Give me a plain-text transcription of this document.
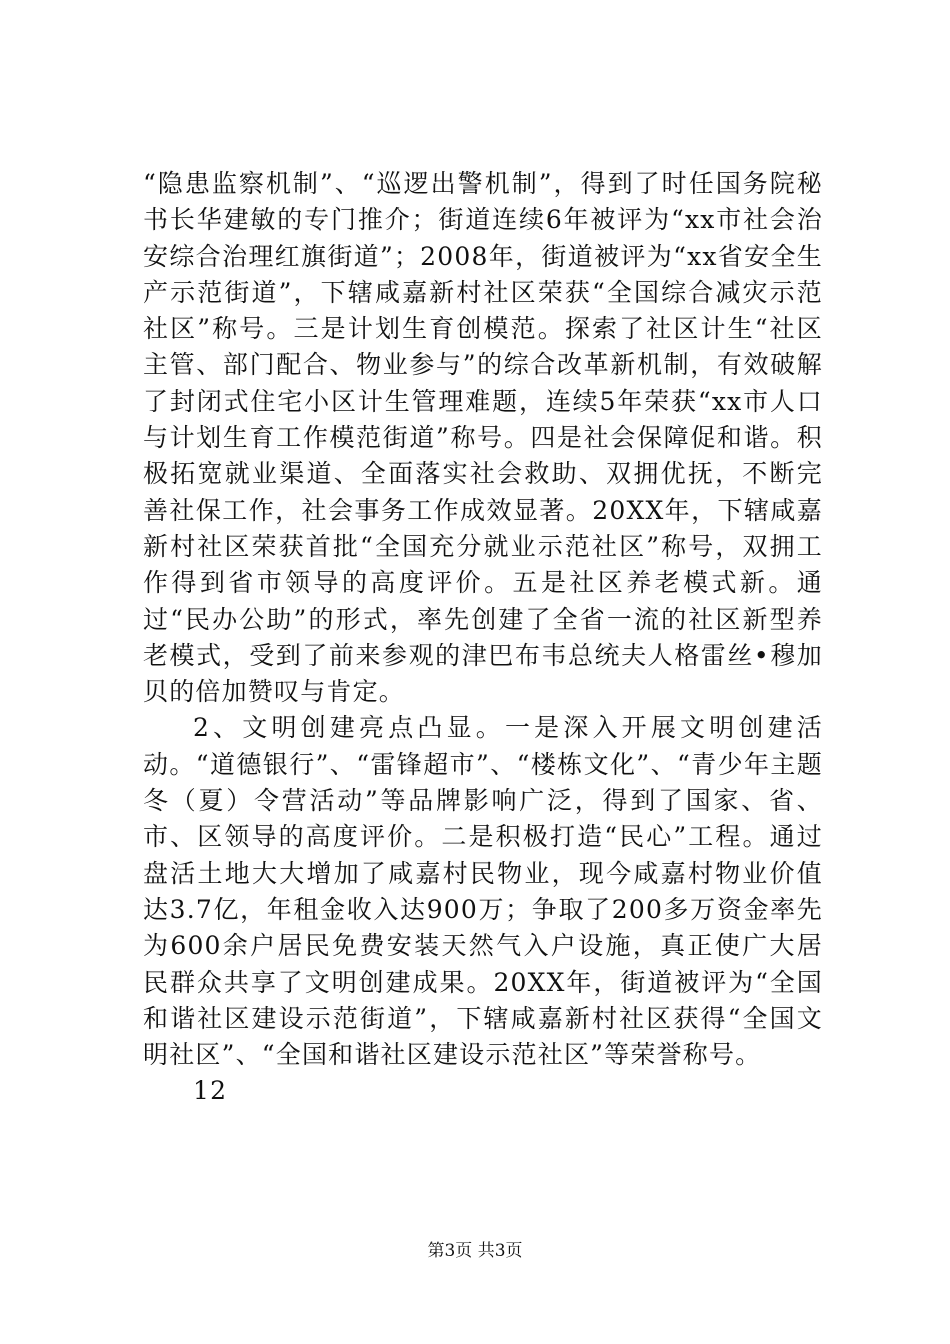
“隐患监察机制”、“巡逻出警机制”，得到了时任国务院秘书长华建敏的专门推介；街道连续6年被评为“xx市社会治安综合治理红旗街道”；2008年，街道被评为“xx省安全生产示范街道”，下辖咸嘉新村社区荣获“全国综合减灾示范社区”称号。三是计划生育创模范。探索了社区计生“社区主管、部门配合、物业参与”的综合改革新机制，有效破解了封闭式住宅小区计生管理难题，连续5年荣获“xx市人口与计划生育工作模范街道”称号。四是社会保障促和谐。积极拓宽就业渠道、全面落实社会救助、双拥优抚，不断完善社保工作，社会事务工作成效显著。20XX年，下辖咸嘉新村社区荣获首批“全国充分就业示范社区”称号，双拥工作得到省市领导的高度评价。五是社区养老模式新。通过“民办公助”的形式，率先创建了全省一流的社区新型养老模式，受到了前来参观的津巴布韦总统夫人格雷丝•穆加贝的倍加赞叹与肯定。

2、文明创建亮点凸显。一是深入开展文明创建活动。“道德银行”、“雷锋超市”、“楼栋文化”、“青少年主题冬（夏）令营活动”等品牌影响广泛，得到了国家、省、市、区领导的高度评价。二是积极打造“民心”工程。通过盘活土地大大增加了咸嘉村民物业，现今咸嘉村物业价值达3.7亿，年租金收入达900万；争取了200多万资金率先为600余户居民免费安装天然气入户设施，真正使广大居民群众共享了文明创建成果。20XX年，街道被评为“全国和谐社区建设示范街道”，下辖咸嘉新村社区获得“全国文明社区”、“全国和谐社区建设示范社区”等荣誉称号。

12

第3页 共3页
